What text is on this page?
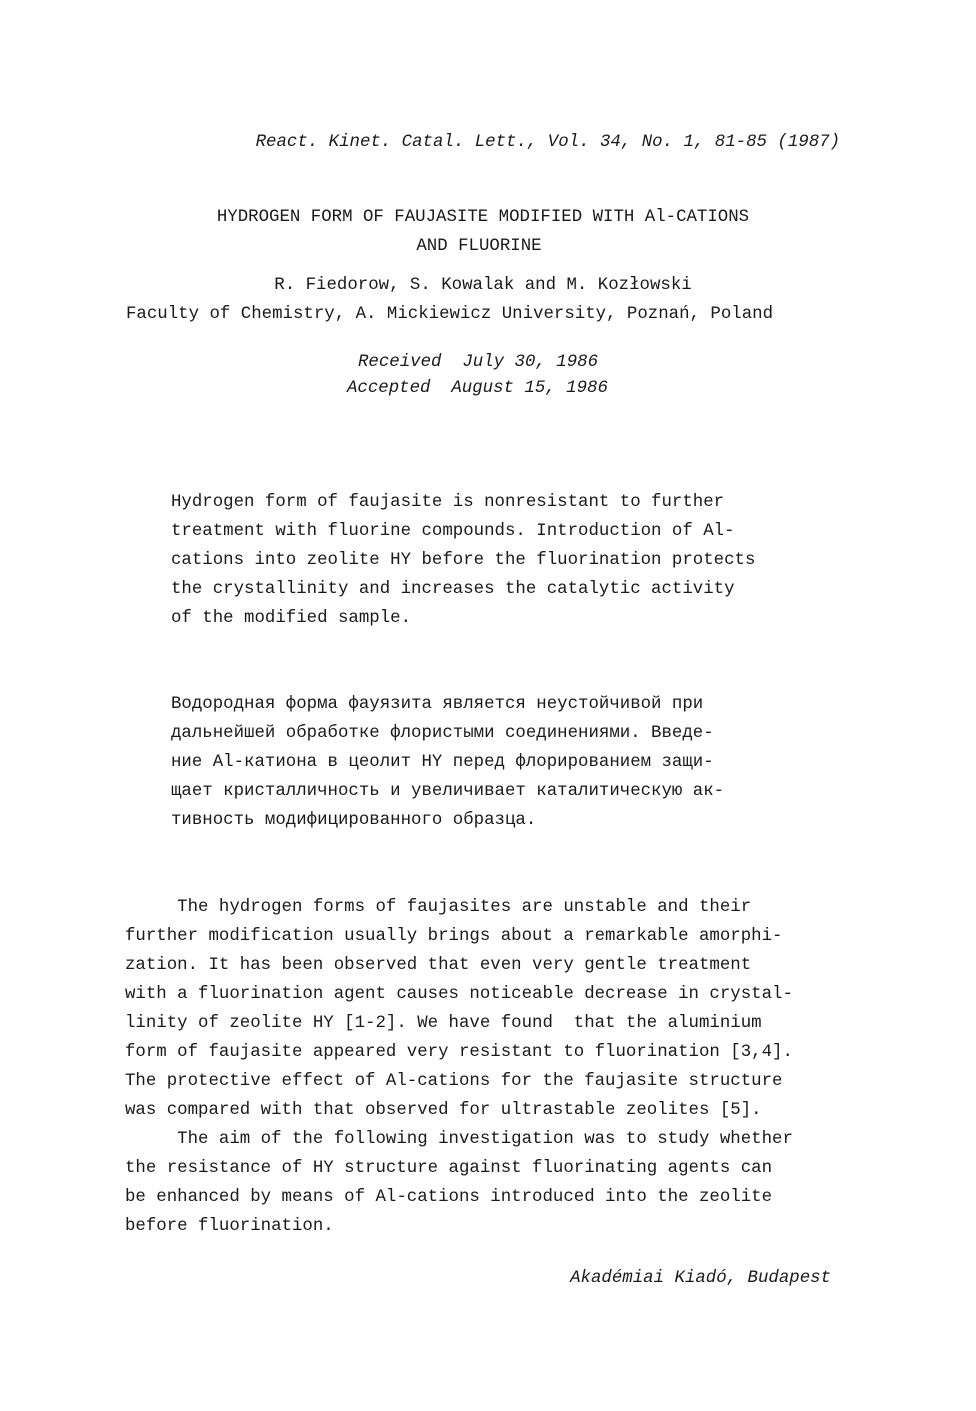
React. Kinet. Catal. Lett., Vol. 34, No. 1, 81-85 (1987)
HYDROGEN FORM OF FAUJASITE MODIFIED WITH Al-CATIONS
AND FLUORINE
R. Fiedorow, S. Kowalak and M. Kozłowski
Faculty of Chemistry, A. Mickiewicz University, Poznań, Poland
Received  July 30, 1986
Accepted  August 15, 1986
Hydrogen form of faujasite is nonresistant to further
treatment with fluorine compounds. Introduction of Al-
cations into zeolite HY before the fluorination protects
the crystallinity and increases the catalytic activity
of the modified sample.
Водородная форма фауязита является неустойчивой при
дальнейшей обработке флористыми соединениями. Введе-
ние Al-катиона в цеолит HY перед флорированием защи-
щает кристалличность и увеличивает каталитическую ак-
тивность модифицированного образца.
The hydrogen forms of faujasites are unstable and their
further modification usually brings about a remarkable amorphi-
zation. It has been observed that even very gentle treatment
with a fluorination agent causes noticeable decrease in crystal-
linity of zeolite HY [1-2]. We have found  that the aluminium
form of faujasite appeared very resistant to fluorination [3,4].
The protective effect of Al-cations for the faujasite structure
was compared with that observed for ultrastable zeolites [5].
The aim of the following investigation was to study whether
the resistance of HY structure against fluorinating agents can
be enhanced by means of Al-cations introduced into the zeolite
before fluorination.
Akadémiai Kiadó, Budapest
